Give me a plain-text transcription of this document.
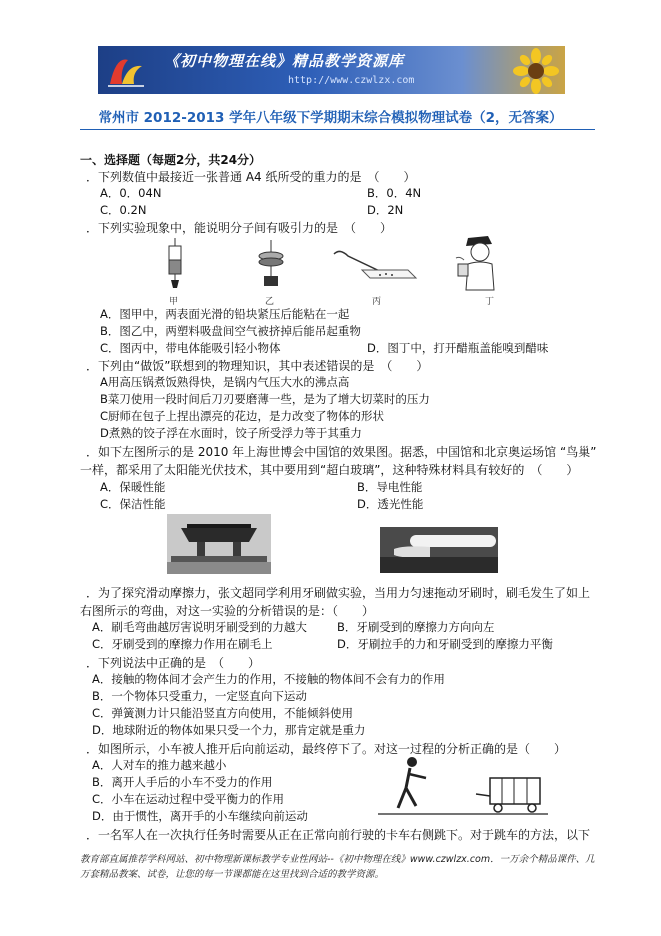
《初中物理在线》精品教学资源库
http://www.czwlzx.com
常州市 2012-2013 学年八年级下学期期末综合模拟物理试卷（2，无答案）
一、选择题（每题2分，共24分）
．下列数值中最接近一张普通 A4 纸所受的重力的是　（　　）
A．0．04N	B．0．4N
C．0.2N	D．2N
．下列实验现象中，能说明分子间有吸引力的是　（　　）
甲	乙	丙	丁
A．图甲中，两表面光滑的铅块紧压后能粘在一起
B．图乙中，两塑料吸盘间空气被挤掉后能吊起重物
C．图丙中，带电体能吸引轻小物体	D．图丁中，打开醋瓶盖能嗅到醋味
．下列由“做饭”联想到的物理知识，其中表述错误的是　（　　）
A用高压锅煮饭熟得快，是锅内气压大水的沸点高
B菜刀使用一段时间后刀刃要磨薄一些，是为了增大切菜时的压力
C厨师在包子上捏出漂亮的花边，是力改变了物体的形状
D煮熟的饺子浮在水面时，饺子所受浮力等于其重力
．如下左图所示的是 2010 年上海世博会中国馆的效果图。据悉，中国馆和北京奥运场馆 “鸟巢”
一样，都采用了太阳能光伏技术，其中要用到“超白玻璃”，这种特殊材料具有较好的　（　　）
A．保暖性能	B．导电性能
C．保洁性能	D．透光性能
．为了探究滑动摩擦力，张文超同学利用牙刷做实验，当用力匀速拖动牙刷时，刷毛发生了如上
右图所示的弯曲，对这一实验的分析错误的是：（　　）
A．刷毛弯曲越厉害说明牙刷受到的力越大	B．牙刷受到的摩擦力方向向左
C．牙刷受到的摩擦力作用在刷毛上	D．牙刷拉手的力和牙刷受到的摩擦力平衡
．下列说法中正确的是　（　　）
A．接触的物体间才会产生力的作用，不接触的物体间不会有力的作用
B．一个物体只受重力，一定竖直向下运动
C．弹簧测力计只能沿竖直方向使用，不能倾斜使用
D．地球附近的物体如果只受一个力，那肯定就是重力
．如图所示，小车被人推开后向前运动，最终停下了。对这一过程的分析正确的是（　　）
A．人对车的推力越来越小
B．离开人手后的小车不受力的作用
C．小车在运动过程中受平衡力的作用
D．由于惯性，离开手的小车继续向前运动
．一名军人在一次执行任务时需要从正在正常向前行驶的卡车右侧跳下。对于跳车的方法，以下
教育部直属推荐学科网站、初中物理新课标教学专业性网站--《初中物理在线》www.czwlzx.com．一万余个精品课件、几万套精品教案、试卷，让您的每一节课都能在这里找到合适的教学资源。
